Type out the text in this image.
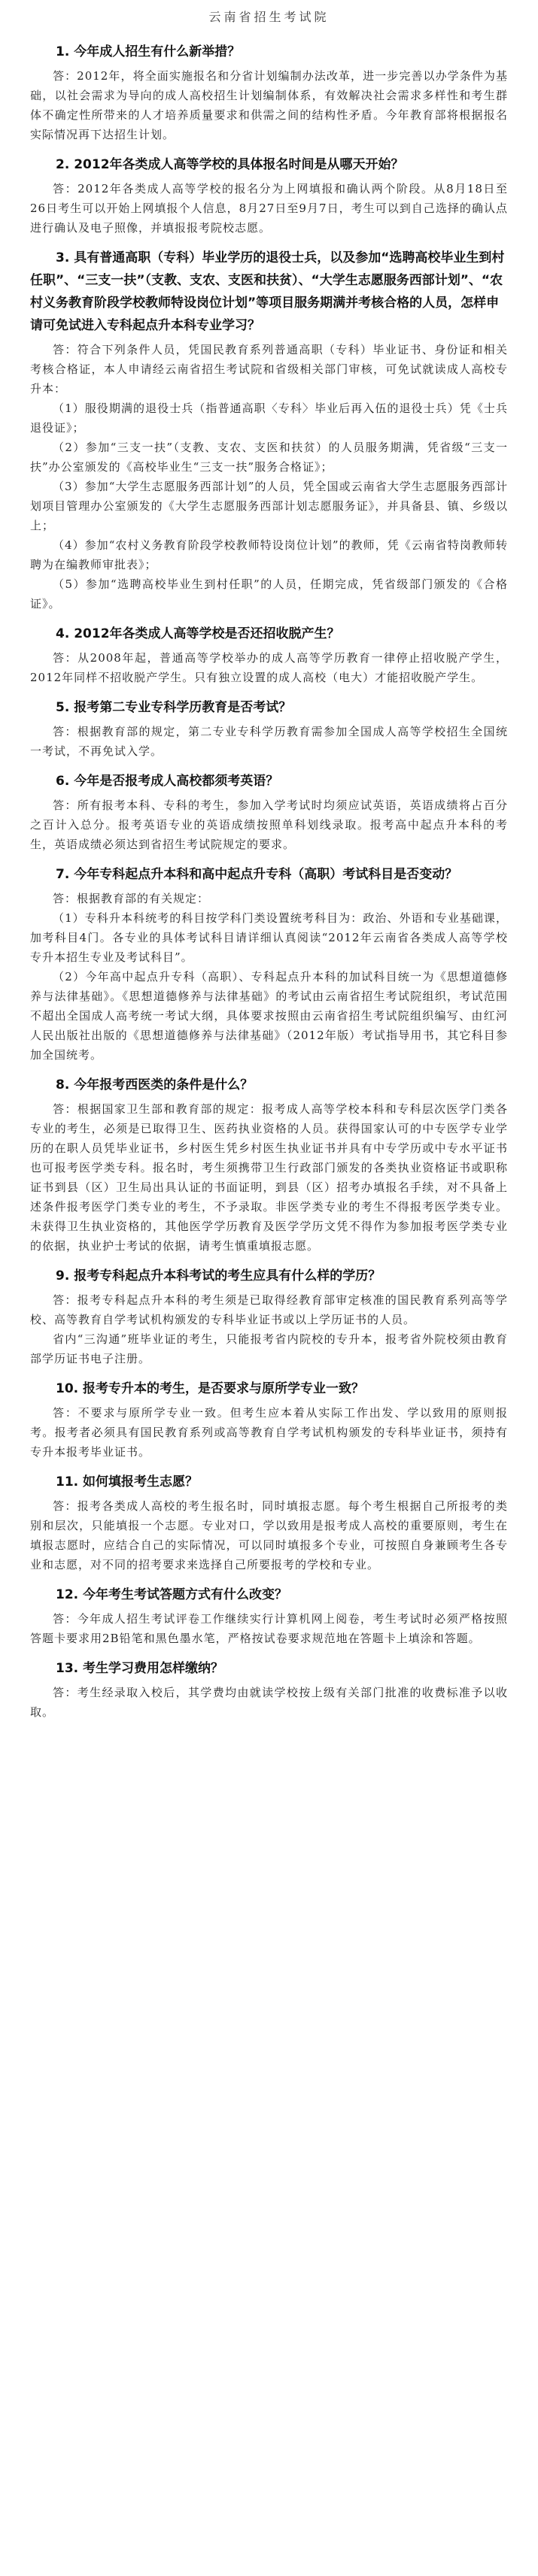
云南省招生考试院
1. 今年成人招生有什么新举措？

答：2012年，将全面实施报名和分省计划编制办法改革，进一步完善以办学条件为基础，以社会需求为导向的成人高校招生计划编制体系，有效解决社会需求多样性和考生群体不确定性所带来的人才培养质量要求和供需之间的结构性矛盾。今年教育部将根据报名实际情况再下达招生计划。

2. 2012年各类成人高等学校的具体报名时间是从哪天开始？

答：2012年各类成人高等学校的报名分为上网填报和确认两个阶段。从8月18日至26日考生可以开始上网填报个人信息，8月27日至9月7日，考生可以到自己选择的确认点进行确认及电子照像，并填报报考院校志愿。

3. 具有普通高职（专科）毕业学历的退役士兵，以及参加“选聘高校毕业生到村任职”、“三支一扶”（支教、支农、支医和扶贫）、“大学生志愿服务西部计划”、“农村义务教育阶段学校教师特设岗位计划”等项目服务期满并考核合格的人员，怎样申请可免试进入专科起点升本科专业学习？

答：符合下列条件人员，凭国民教育系列普通高职（专科）毕业证书、身份证和相关考核合格证，本人申请经云南省招生考试院和省级相关部门审核，可免试就读成人高校专升本：

（1）服役期满的退役士兵（指普通高职〈专科〉毕业后再入伍的退役士兵）凭《士兵退役证》；

（2）参加“三支一扶”（支教、支农、支医和扶贫）的人员服务期满，凭省级“三支一扶”办公室颁发的《高校毕业生“三支一扶”服务合格证》；

（3）参加“大学生志愿服务西部计划”的人员，凭全国或云南省大学生志愿服务西部计划项目管理办公室颁发的《大学生志愿服务西部计划志愿服务证》，并具备县、镇、乡级以上；

（4）参加“农村义务教育阶段学校教师特设岗位计划”的教师，凭《云南省特岗教师转聘为在编教师审批表》；

（5）参加“选聘高校毕业生到村任职”的人员，任期完成，凭省级部门颁发的《合格证》。

4. 2012年各类成人高等学校是否还招收脱产生？

答：从2008年起，普通高等学校举办的成人高等学历教育一律停止招收脱产学生，2012年同样不招收脱产学生。只有独立设置的成人高校（电大）才能招收脱产学生。

5. 报考第二专业专科学历教育是否考试？

答：根据教育部的规定，第二专业专科学历教育需参加全国成人高等学校招生全国统一考试，不再免试入学。

6. 今年是否报考成人高校都须考英语？

答：所有报考本科、专科的考生，参加入学考试时均须应试英语，英语成绩将占百分之百计入总分。报考英语专业的英语成绩按照单科划线录取。报考高中起点升本科的考生，英语成绩必须达到省招生考试院规定的要求。

7. 今年专科起点升本科和高中起点升专科（高职）考试科目是否变动？

答：根据教育部的有关规定：

（1）专科升本科统考的科目按学科门类设置统考科目为：政治、外语和专业基础课，加考科目4门。各专业的具体考试科目请详细认真阅读“2012年云南省各类成人高等学校专升本招生专业及考试科目”。

（2）今年高中起点升专科（高职）、专科起点升本科的加试科目统一为《思想道德修养与法律基础》。《思想道德修养与法律基础》的考试由云南省招生考试院组织，考试范围不超出全国成人高考统一考试大纲，具体要求按照由云南省招生考试院组织编写、由红河人民出版社出版的《思想道德修养与法律基础》（2012年版）考试指导用书，其它科目参加全国统考。

8. 今年报考西医类的条件是什么？

答：根据国家卫生部和教育部的规定：报考成人高等学校本科和专科层次医学门类各专业的考生，必须是已取得卫生、医药执业资格的人员。获得国家认可的中专医学专业学历的在职人员凭毕业证书，乡村医生凭乡村医生执业证书并具有中专学历或中专水平证书也可报考医学类专科。报名时，考生须携带卫生行政部门颁发的各类执业资格证书或职称证书到县（区）卫生局出具认证的书面证明，到县（区）招考办填报名手续，对不具备上述条件报考医学门类专业的考生，不予录取。非医学类专业的考生不得报考医学类专业。未获得卫生执业资格的，其他医学学历教育及医学学历文凭不得作为参加报考医学类专业的依据，执业护士考试的依据，请考生慎重填报志愿。

9. 报考专科起点升本科考试的考生应具有什么样的学历？

答：报考专科起点升本科的考生须是已取得经教育部审定核准的国民教育系列高等学校、高等教育自学考试机构颁发的专科毕业证书或以上学历证书的人员。

省内“三沟通”班毕业证的考生，只能报考省内院校的专升本，报考省外院校须由教育部学历证书电子注册。

10. 报考专升本的考生，是否要求与原所学专业一致？

答：不要求与原所学专业一致。但考生应本着从实际工作出发、学以致用的原则报考。报考者必须具有国民教育系列或高等教育自学考试机构颁发的专科毕业证书，须持有专升本报考毕业证书。

11. 如何填报考生志愿？

答：报考各类成人高校的考生报名时，同时填报志愿。每个考生根据自己所报考的类别和层次，只能填报一个志愿。专业对口，学以致用是报考成人高校的重要原则，考生在填报志愿时，应结合自己的实际情况，可以同时填报多个专业，可按照自身兼顾考生各专业和志愿，对不同的招考要求来选择自己所要报考的学校和专业。

12. 今年考生考试答题方式有什么改变？

答：今年成人招生考试评卷工作继续实行计算机网上阅卷，考生考试时必须严格按照答题卡要求用2B铅笔和黑色墨水笔，严格按试卷要求规范地在答题卡上填涂和答题。

13. 考生学习费用怎样缴纳？

答：考生经录取入校后，其学费均由就读学校按上级有关部门批准的收费标准予以收取。
